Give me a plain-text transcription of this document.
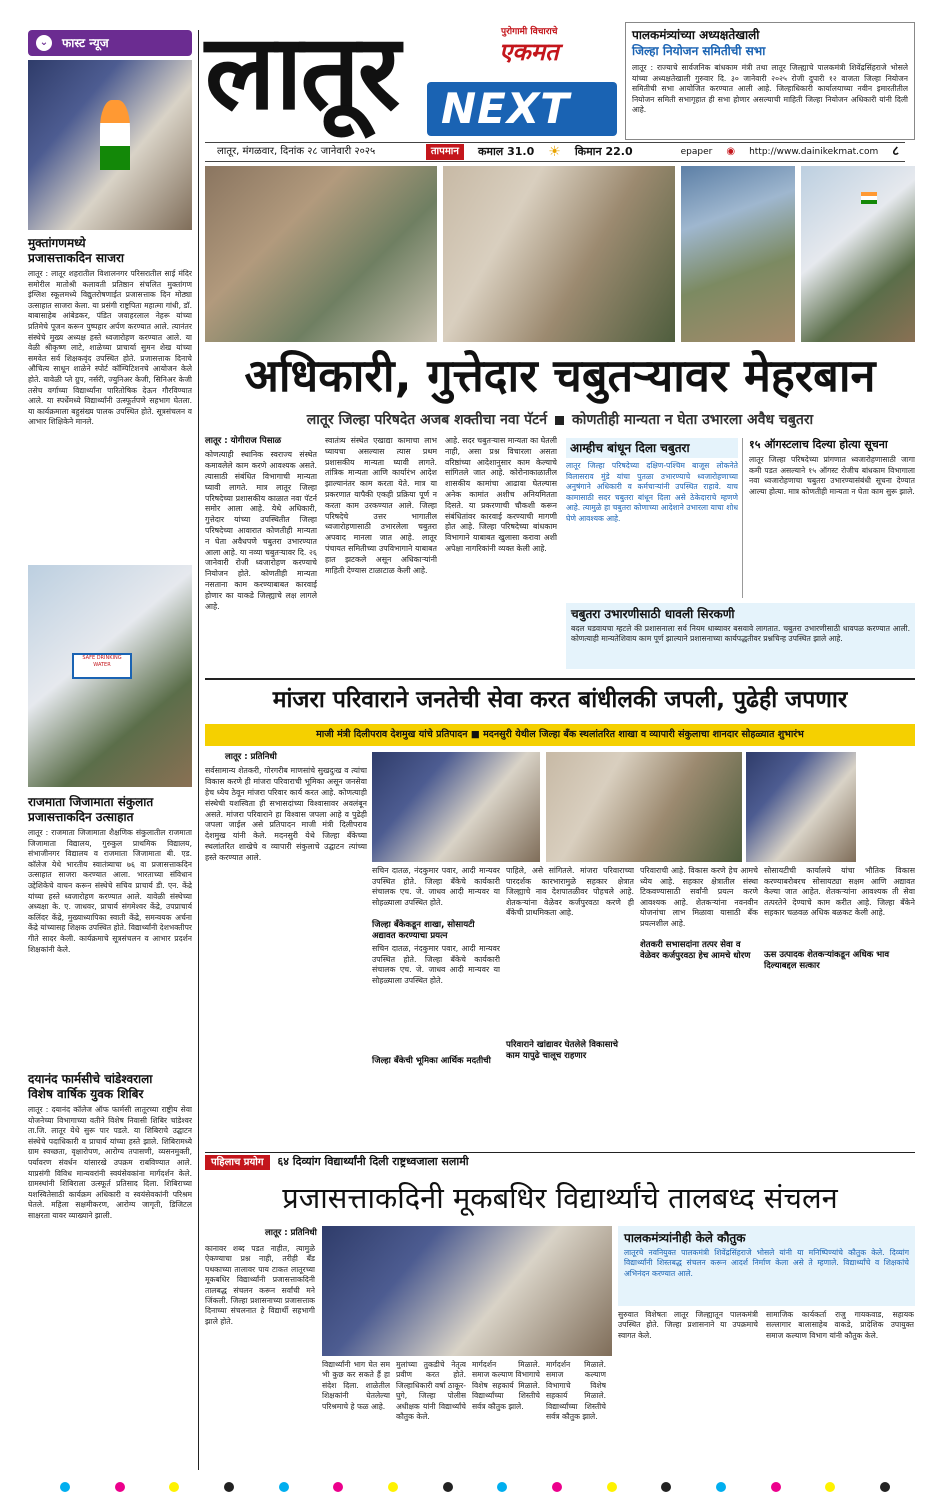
⌄	फास्ट न्यूज
मुक्तांगणमध्ये
प्रजासत्ताकदिन साजरा
लातूर : लातूर शहरातील विशालनगर परिसरातील साई मंदिर समोरील मातोश्री कलावती प्रतिष्ठान संचलित मुक्तांगण इंग्लिश स्कूलमध्ये विद्युतरोषणाईत प्रजासत्ताक दिन मोठ्या उत्साहात साजरा केला. या प्रसंगी राष्ट्रपिता महात्मा गांधी, डॉ. बाबासाहेब आंबेडकर, पंडित जवाहरलाल नेहरू यांच्या प्रतिमेचे पूजन करून पुष्पहार अर्पण करण्यात आले. त्यानंतर संस्थेचे मुख्य अध्यक्ष हस्ते ध्वजारोहण करण्यात आले. या वेळी श्रीकृष्ण लाटे, शाळेच्या प्राचार्या सुमन शेख यांच्या समवेत सर्व शिक्षकवृंद उपस्थित होते. प्रजासत्ताक दिनाचे औचित्य साधून शाळेने स्पोर्ट कॉम्पिटिशनचे आयोजन केले होते. यावेळी प्ले ग्रुप, नर्सरी, ज्युनिअर केजी, सिनिअर केजी तसेच वर्गाच्या विद्यार्थ्यांना पारितोषिक देऊन गौरविण्यात आले. या स्पर्धेमध्ये विद्यार्थ्यांनी उत्स्फूर्तपणे सहभाग घेतला. या कार्यक्रमाला बहुसंख्य पालक उपस्थित होते. सूत्रसंचलन व आभार शिक्षिकेने मानले.
SAFE DRINKING WATER
राजमाता जिजामाता संकुलात
प्रजासत्ताकदिन उत्साहात
लातूर : राजमाता जिजामाता शैक्षणिक संकुलातील राजमाता जिजामाता विद्यालय, गुरुकुल प्राथमिक विद्यालय, संभाजीनगर विद्यालय व राजमाता जिजामाता बी. एड. कॉलेज येथे भारतीय स्वातंत्र्याचा ७६ वा प्रजासत्ताकदिन उत्साहात साजरा करण्यात आला. भारताच्या संविधान उद्देशिकेचे वाचन करून संस्थेचे सचिव प्राचार्य डी. एन. केंद्रे यांच्या हस्ते ध्वजारोहण करण्यात आले. यावेळी संस्थेच्या अध्यक्षा के. ए. जाधवर, प्राचार्य संगमेश्वर केंद्रे, उपप्राचार्य कलिंदर केंद्रे, मुख्याध्यापिका स्वाती केंद्रे, समन्वयक अर्चना केंद्रे यांच्यासह शिक्षक उपस्थित होते. विद्यार्थ्यांनी देशभक्तीपर गीते सादर केली. कार्यक्रमाचे सूत्रसंचलन व आभार प्रदर्शन शिक्षकांनी केले.
दयानंद फार्मसीचे चांडेश्वराला
विशेष वार्षिक युवक शिबिर
लातूर : दयानंद कॉलेज ऑफ फार्मसी लातूरच्या राष्ट्रीय सेवा योजनेच्या विभागाच्या वतीने विशेष निवासी शिबिर चांडेश्वर ता.जि. लातूर येथे सुरू पार पडले. या शिबिराचे उद्घाटन संस्थेचे पदाधिकारी व प्राचार्य यांच्या हस्ते झाले. शिबिरामध्ये ग्राम स्वच्छता, वृक्षारोपण, आरोग्य तपासणी, व्यसनमुक्ती, पर्यावरण संवर्धन यांसारखे उपक्रम राबविण्यात आले. याप्रसंगी विविध मान्यवरांनी स्वयंसेवकांना मार्गदर्शन केले. ग्रामस्थांनी शिबिराला उत्स्फूर्त प्रतिसाद दिला. शिबिराच्या यशस्वितेसाठी कार्यक्रम अधिकारी व स्वयंसेवकांनी परिश्रम घेतले. महिला सक्षमीकरण, आरोग्य जागृती, डिजिटल साक्षरता यावर व्याख्याने झाली.
लातूर	पुरोगामी विचाराचे
एकमत
NEXT
लातूर, मंगळवार, दिनांक २८ जानेवारी २०२५	तापमान	कमाल 31.0 ☀ किमान 22.0	epaper ◉ http://www.dainikekmat.com ८
पालकमंत्र्यांच्या अध्यक्षतेखाली
जिल्हा नियोजन समितीची सभा
लातूर : राज्याचे सार्वजनिक बांधकाम मंत्री तथा लातूर जिल्ह्याचे पालकमंत्री शिवेंद्रसिंहराजे भोसले यांच्या अध्यक्षतेखाली गुरुवार दि. ३० जानेवारी २०२५ रोजी दुपारी १२ वाजता जिल्हा नियोजन समितीची सभा आयोजित करण्यात आली आहे. जिल्हाधिकारी कार्यालयाच्या नवीन इमारतीतील नियोजन समिती सभागृहात ही सभा होणार असल्याची माहिती जिल्हा नियोजन अधिकारी यांनी दिली आहे.
अधिकारी, गुत्तेदार चबुतऱ्यावर मेहरबान
लातूर जिल्हा परिषदेत अजब शक्तीचा नवा पॅटर्न कोणतीही मान्यता न घेता उभारला अवैध चबुतरा
लातूर : योगीराज पिसाळ
कोणत्याही स्थानिक स्वराज्य संस्थेत कमावलेले काम करणे आवश्यक असते. त्यासाठी संबंधित विभागाची मान्यता घ्यावी लागते. मात्र लातूर जिल्हा परिषदेच्या प्रशासकीय काळात नवा पॅटर्न समोर आला आहे. येथे अधिकारी, गुत्तेदार यांच्या उपस्थितीत जिल्हा परिषदेच्या आवारात कोणतीही मान्यता न घेता अवैधपणे चबुतरा उभारण्यात आला आहे. या नव्या चबुतऱ्यावर दि. २६ जानेवारी रोजी ध्वजारोहण करण्याचे नियोजन होते. कोणतीही मान्यता नसताना काम करण्याबाबत कारवाई होणार का याकडे जिल्ह्याचे लक्ष लागले आहे.
स्वातंत्र्य संस्थेत एखाद्या कामाचा लाभ घ्यायचा असल्यास त्यास प्रथम प्रशासकीय मान्यता घ्यावी लागते. तांत्रिक मान्यता आणि कार्यारंभ आदेश झाल्यानंतर काम करता येते. मात्र या प्रकरणात यापैकी एकही प्रक्रिया पूर्ण न करता काम उरकण्यात आले. जिल्हा परिषदेचे उत्तर भागातील ध्वजारोहणासाठी उभारलेला चबुतरा अपवाद मानला जात आहे. लातूर पंचायत समितीच्या उपविभागाने याबाबत हात झटकले असून अधिकाऱ्यांनी माहिती देण्यास टाळाटाळ केली आहे.
आहे. सदर चबुतऱ्यास मान्यता का घेतली नाही, असा प्रश्न विचारला असता वरिष्ठांच्या आदेशानुसार काम केल्याचे सांगितले जात आहे. कोरोनाकाळातील शासकीय कामांचा आढावा घेतल्यास अनेक कामांत अशीच अनियमितता दिसते. या प्रकरणाची चौकशी करून संबंधितांवर कारवाई करण्याची मागणी होत आहे. जिल्हा परिषदेच्या बांधकाम विभागाने याबाबत खुलासा करावा अशी अपेक्षा नागरिकांनी व्यक्त केली आहे.
आम्हीच बांधून दिला चबुतरा
लातूर जिल्हा परिषदेच्या दक्षिण-पश्चिम बाजूस लोकनेते विलासराव मुंडे यांचा पुतळा उभारण्याचे ध्वजारोहणाच्या अनुषंगाने अधिकारी व कर्मचाऱ्यांनी उपस्थित राहावे. याच कामासाठी सदर चबुतरा बांधून दिला असे ठेकेदाराचे म्हणणे आहे. त्यामुळे हा चबुतरा कोणाच्या आदेशाने उभारला याचा शोध घेणे आवश्यक आहे.
१५ ऑगस्टलाच दिल्या होत्या सूचना
लातूर जिल्हा परिषदेच्या प्रांगणात ध्वजारोहणासाठी जागा कमी पडत असल्याने १५ ऑगस्ट रोजीच बांधकाम विभागाला नवा ध्वजारोहणाचा चबुतरा उभारण्यासंबंधी सूचना देण्यात आल्या होत्या. मात्र कोणतीही मान्यता न घेता काम सुरू झाले.
चबुतरा उभारणीसाठी धावली सिरकणी
बदल घडवायचा म्हटले की प्रशासनाला सर्व नियम धाब्यावर बसवावे लागतात. चबुतरा उभारणीसाठी धावपळ करण्यात आली. कोणत्याही मान्यतेशिवाय काम पूर्ण झाल्याने प्रशासनाच्या कार्यपद्धतीवर प्रश्नचिन्ह उपस्थित झाले आहे.
मांजरा परिवाराने जनतेची सेवा करत बांधीलकी जपली, पुढेही जपणार
माजी मंत्री दिलीपराव देशमुख यांचे प्रतिपादन ■ मदनसुरी येथील जिल्हा बँक स्थलांतरित शाखा व व्यापारी संकुलाचा शानदार सोहळ्यात शुभारंभ
लातूर : प्रतिनिधी
सर्वसामान्य शेतकरी, गोरगरीब माणसांचे सुखदुःख व त्यांचा विकास करणे ही मांजरा परिवाराची भूमिका असून जनसेवा हेच ध्येय ठेवून मांजरा परिवार कार्य करत आहे. कोणत्याही संस्थेची यशस्विता ही सभासदांच्या विश्वासावर अवलंबून असते. मांजरा परिवाराने हा विश्वास जपला आहे व पुढेही जपला जाईल असे प्रतिपादन माजी मंत्री दिलीपराव देशमुख यांनी केले. मदनसुरी येथे जिल्हा बँकेच्या स्थलांतरित शाखेचे व व्यापारी संकुलाचे उद्घाटन त्यांच्या हस्ते करण्यात आले.
सचिन दातळ, नंदकुमार पवार, आदी मान्यवर उपस्थित होते. जिल्हा बँकेचे कार्यकारी संचालक एच. जे. जाधव आदी मान्यवर या सोहळ्याला उपस्थित होते.
जिल्हा बँकेकडून शाखा, सोसायटी अद्यावत करण्याचा प्रयत्न
सचिन दातळ, नंदकुमार पवार, आदी मान्यवर उपस्थित होते. जिल्हा बँकेचे कार्यकारी संचालक एच. जे. जाधव आदी मान्यवर या सोहळ्याला उपस्थित होते.
जिल्हा बँकेची भूमिका आर्थिक मदतीची
पाहिले, असे सांगितले. मांजरा परिवाराच्या पारदर्शक कारभारामुळे सहकार क्षेत्रात जिल्ह्याचे नाव देशपातळीवर पोहचले आहे. शेतकऱ्यांना वेळेवर कर्जपुरवठा करणे ही बँकेची प्राथमिकता आहे.
परिवाराने खांद्यावर घेतलेले विकासाचे काम यापुढे चालूच राहणार
परिवाराची आहे. विकास करणे हेच आमचे ध्येय आहे. सहकार क्षेत्रातील संस्था टिकवण्यासाठी सर्वांनी प्रयत्न करणे आवश्यक आहे. शेतकऱ्यांना नवनवीन योजनांचा लाभ मिळावा यासाठी बँक प्रयत्नशील आहे.
शेतकरी सभासदांना तत्पर सेवा व वेळेवर कर्जपुरवठा हेच आमचे धोरण
सोसायटीची कार्यालये यांचा भौतिक विकास करण्याबरोबरच सोसायट्या सक्षम आणि अद्यावत केल्या जात आहेत. शेतकऱ्यांना आवश्यक ती सेवा तत्परतेने देण्याचे काम करीत आहे. जिल्हा बँकेने सहकार चळवळ अधिक बळकट केली आहे.
ऊस उत्पादक शेतकऱ्यांकडून अधिक भाव दिल्याबद्दल सत्कार
पहिलाच प्रयोग	६४ दिव्यांग विद्यार्थ्यांनी दिली राष्ट्रध्वजाला सलामी
प्रजासत्ताकदिनी मूकबधिर विद्यार्थ्यांचे तालबध्द संचलन
लातूर : प्रतिनिधी
विद्यार्थ्यांनी भाग घेत सम भी कुछ कर सकते हैं हा संदेश दिला. शाळेतील शिक्षकांनी घेतलेल्या परिश्रमाचे हे फळ आहे.
मुलांच्या तुकडीचे नेतृत्व प्रवीण करत होते. जिल्हाधिकारी वर्षा ठाकूर-घुगे, जिल्हा पोलीस अधीक्षक यांनी विद्यार्थ्यांचे कौतुक केले.
मार्गदर्शन मिळाले. समाज कल्याण विभागाचे विशेष सहकार्य मिळाले. विद्यार्थ्यांच्या शिस्तीचे सर्वत्र कौतुक झाले.
मार्गदर्शन मिळाले. समाज कल्याण विभागाचे विशेष सहकार्य मिळाले. विद्यार्थ्यांच्या शिस्तीचे सर्वत्र कौतुक झाले.
कानावर शब्द पडत नाहीत, त्यामुळे ऐकण्याचा प्रश्न नाही, तरीही बँड पथकाच्या तालावर पाय टाकत लातूरच्या मूकबधिर विद्यार्थ्यांनी प्रजासत्ताकदिनी तालबद्ध संचलन करून सर्वांची मने जिंकली. जिल्हा प्रशासनाच्या प्रजासत्ताक दिनाच्या संचलनात हे विद्यार्थी सहभागी झाले होते.
पालकमंत्र्यांनीही केले कौतुक
लातूरचे नवनियुक्त पालकमंत्री शिवेंद्रसिंहराजे भोसले यांनी या मनिष्पिण्यांचे कौतुक केले. दिव्यांग विद्यार्थ्यांनी शिस्तबद्ध संचलन करून आदर्श निर्माण केला असे ते म्हणाले. विद्यार्थ्यांचे व शिक्षकांचे अभिनंदन करण्यात आले.
सुरुवात विशेषतः लातूर जिल्ह्यातून पालकमंत्री उपस्थित होते. जिल्हा प्रशासनाने या उपक्रमाचे स्वागत केले.
सामाजिक कार्यकर्ता राजु गायकवाड, सहायक सल्लागार बालासाहेब वाकडे, प्रादेशिक उपायुक्त समाज कल्याण विभाग यांनी कौतुक केले.
